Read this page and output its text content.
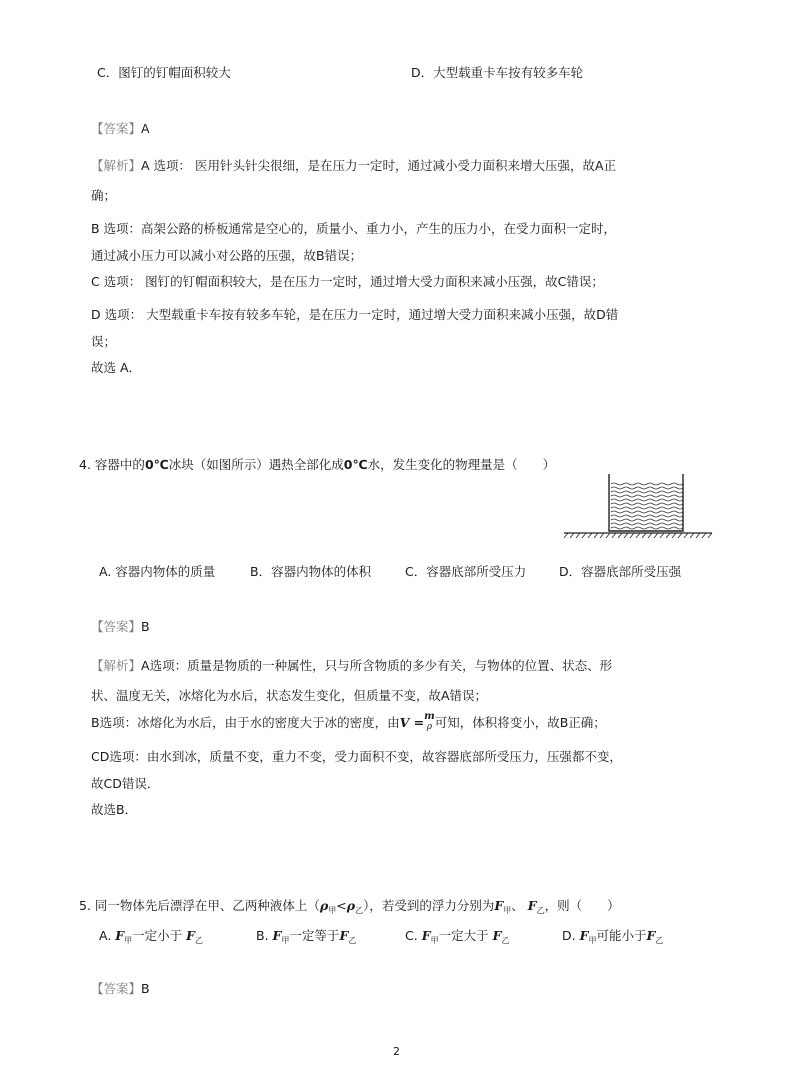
C．图钉的钉帽面积较大	D．大型载重卡车按有较多车轮
【答案】A
【解析】A 选项： 医用针头针尖很细，是在压力一定时，通过减小受力面积来增大压强，故A正
确；
B 选项：高架公路的桥板通常是空心的，质量小、重力小，产生的压力小，在受力面积一定时，
通过减小压力可以减小对公路的压强，故B错误；
C 选项： 图钉的钉帽面积较大，是在压力一定时，通过增大受力面积来减小压强，故C错误；
D 选项： 大型载重卡车按有较多车轮，是在压力一定时，通过增大受力面积来减小压强，故D错
误；
故选 A．
4. 容器中的0℃冰块（如图所示）遇热全部化成0℃水，发生变化的物理量是（　　）
A. 容器内物体的质量	B．容器内物体的体积	C．容器底部所受压力	D．容器底部所受压强
【答案】B
【解析】A选项：质量是物质的一种属性，只与所含物质的多少有关，与物体的位置、状态、形
状、温度无关，冰熔化为水后，状态发生变化，但质量不变，故A错误；
B选项：冰熔化为水后，由于水的密度大于冰的密度，由V = m
ρ 可知，体积将变小，故B正确；
CD选项：由水到冰，质量不变，重力不变，受力面积不变，故容器底部所受压力，压强都不变，
故CD错误．
故选B．
5. 同一物体先后漂浮在甲、乙两种液体上$(\rho_甲<\rho_乙)$，若受到的浮力分别为$F_甲$、 $F_乙$，则（　　）
A. $F_甲$一定小于 $F_乙$	B. $F_甲$一定等于$F_乙$	C. $F_甲$一定大于 $F_乙$	D. $F_甲$可能小于$F_乙$
【答案】B
2
